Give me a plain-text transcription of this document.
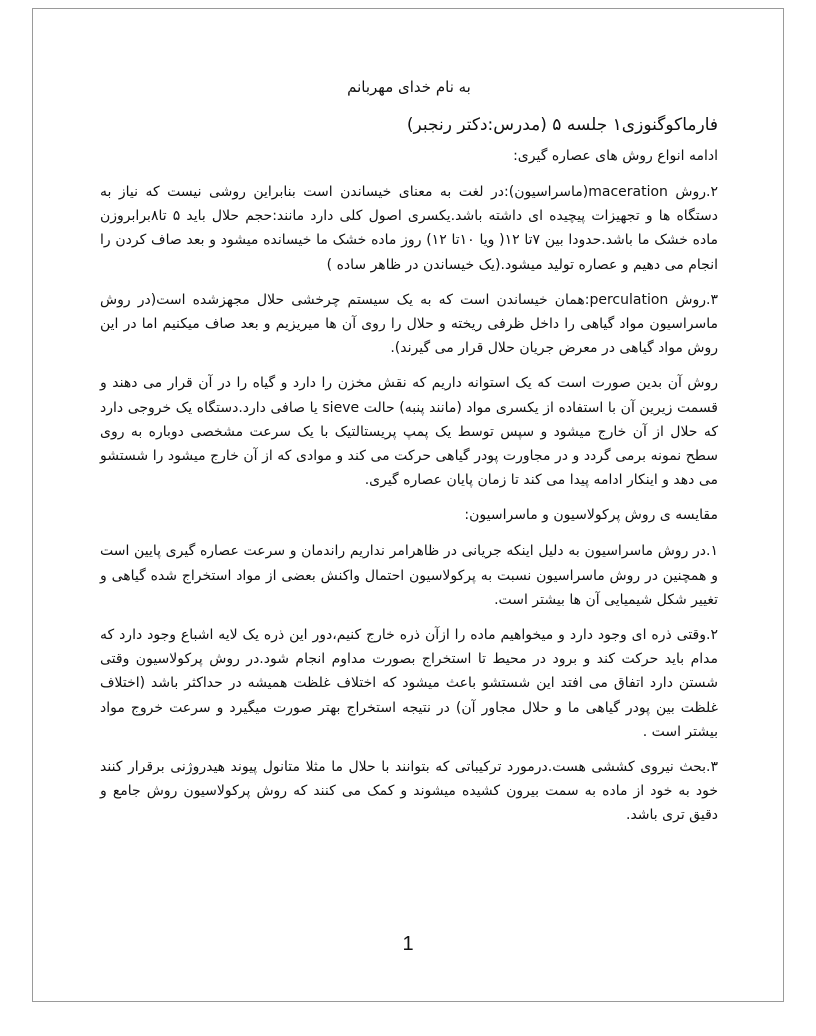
به نام خدای مهربانم
فارماکوگنوزی۱ جلسه ۵ (مدرس:دکتر رنجبر)
ادامه انواع روش های عصاره گیری:

۲.روش maceration(ماسراسیون):در لغت به معنای خیساندن است بنابراین روشی نیست که نیاز به دستگاه ها و تجهیزات پیچیده ای داشته باشد.یکسری اصول کلی دارد مانند:حجم حلال باید ۵ تا۸برابروزن ماده خشک ما باشد.حدودا بین ۷تا ۱۲( ویا ۱۰تا ۱۲) روز ماده خشک ما خیسانده میشود و بعد صاف کردن را انجام می دهیم و عصاره تولید میشود.(یک خیساندن در ظاهر ساده )

۳.روش perculation:همان خیساندن است که به یک سیستم چرخشی حلال مجهزشده است(در روش ماسراسیون مواد گیاهی را داخل ظرفی ریخته و حلال را روی آن ها میریزیم و بعد صاف میکنیم اما در این روش مواد گیاهی در معرض جریان حلال قرار می گیرند).

روش آن بدین صورت است که یک استوانه داریم که نقش مخزن را دارد و گیاه را در آن قرار می دهند و قسمت زیرین آن با استفاده از یکسری مواد (مانند پنبه) حالت sieve یا صافی دارد.دستگاه یک خروجی دارد که حلال از آن خارج میشود و سپس توسط یک پمپ پریستالتیک با یک سرعت مشخصی دوباره به روی سطح نمونه برمی گردد و در مجاورت پودر گیاهی حرکت می کند و موادی که از آن خارج میشود را شستشو می دهد و اینکار ادامه پیدا می کند تا زمان پایان عصاره گیری.

مقایسه ی روش پرکولاسیون و ماسراسیون:

۱.در روش ماسراسیون به دلیل اینکه جریانی در ظاهرامر نداریم راندمان و سرعت عصاره گیری پایین است و همچنین در روش ماسراسیون نسبت به پرکولاسیون احتمال واکنش بعضی از مواد استخراج شده گیاهی و تغییر شکل شیمیایی آن ها بیشتر است.

۲.وقتی ذره ای وجود دارد و میخواهیم ماده را ازآن ذره خارج کنیم،دور این ذره یک لایه اشباع وجود دارد که مدام باید حرکت کند و برود در محیط تا استخراج بصورت مداوم انجام شود.در روش پرکولاسیون وقتی شستن دارد اتفاق می افتد این شستشو باعث میشود که اختلاف غلظت همیشه در حداکثر باشد (اختلاف غلظت بین پودر گیاهی ما و حلال مجاور آن) در نتیجه استخراج بهتر صورت میگیرد و سرعت خروج مواد بیشتر است .

۳.بحث نیروی کششی هست.درمورد ترکیباتی که بتوانند با حلال ما مثلا متانول پیوند هیدروژنی برقرار کنند خود به خود از ماده به سمت بیرون کشیده میشوند و کمک می کنند که روش پرکولاسیون روش جامع و دقیق تری باشد.

1
